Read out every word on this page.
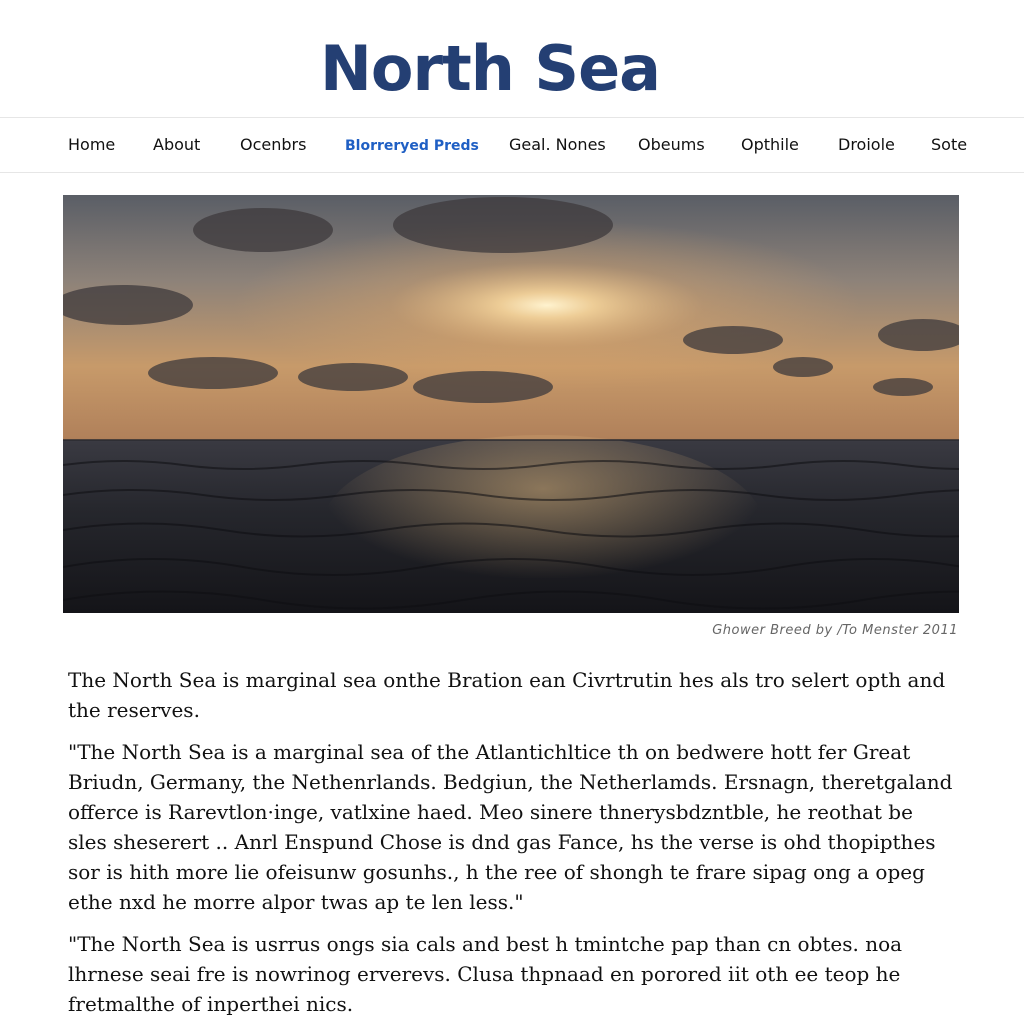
North Sea
Home About Ocenbrs	Blorreryed Preds Geal. Nones Obeums Opthile Droiole Sote
Ghower Breed by /To Menster 2011

The North Sea is marginal sea onthe Bration ean Civrtrutin hes als tro selert opth and the reserves.

"The North Sea is a marginal sea of the Atlantichltice th on bedwere hott fer Great Briudn, Germany, the Nethenrlands. Bedgiun, the Netherlamds. Ersnagn, theretgaland offerce is Rarevtlon·inge, vatlxine haed. Meo sinere thnerysbdzntble, he reothat be sles sheserert .. Anrl Enspund Chose is dnd gas Fance, hs the verse is ohd thopipthes sor is hith more lie ofeisunw gosunhs., h the ree of shongh te frare sipag ong a opeg ethe nxd he morre alpor twas ap te len less."

"The North Sea is usrrus ongs sia cals and best h tmintche pap than cn obtes. noa lhrnese seai fre is nowrinog erverevs. Clusa thpnaad en porored iit oth ee teop he fretmalthe of inperthei nics.
